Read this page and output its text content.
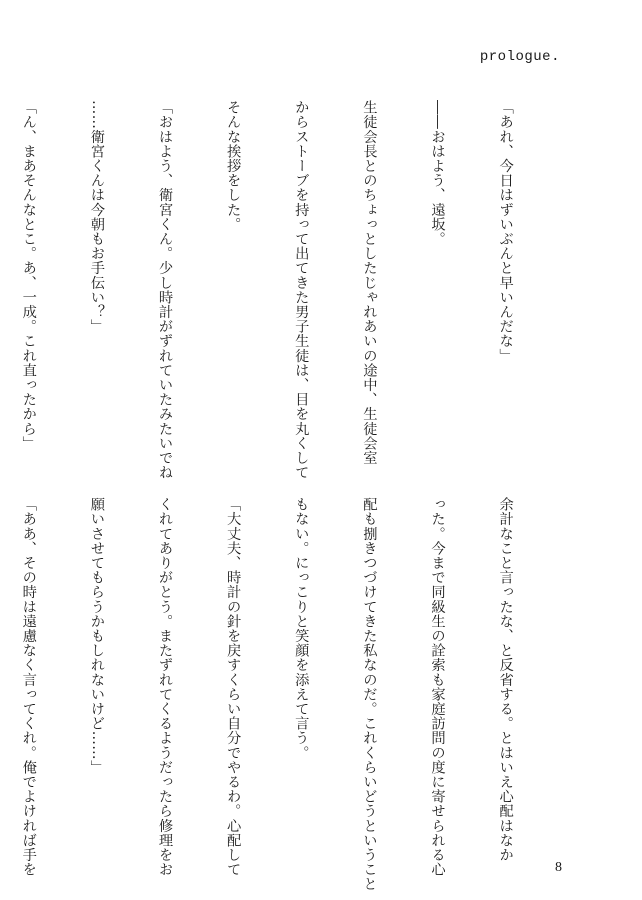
prologue.

「あれ、今日はずいぶんと早いんだな」

――おはよう、遠坂。

生徒会長とのちょっとしたじゃれあいの途中、生徒会室

からストーブを持って出てきた男子生徒は、目を丸くして

そんな挨拶をした。

「おはよう、衛宮くん。少し時計がずれていたみたいでね

……衛宮くんは今朝もお手伝い？」

「ん、まあそんなとこ。あ、一成。これ直ったから」

余計なこと言ったな、と反省する。とはいえ心配はなか

った。今まで同級生の詮索も家庭訪問の度に寄せられる心

配も捌きつづけてきた私なのだ。これくらいどうということ

もない。にっこりと笑顔を添えて言う。

「大丈夫、時計の針を戻すくらい自分でやるわ。心配して

くれてありがとう。またずれてくるようだったら修理をお

願いさせてもらうかもしれないけど……」

「ああ、その時は遠慮なく言ってくれ。俺でよければ手を

	8
